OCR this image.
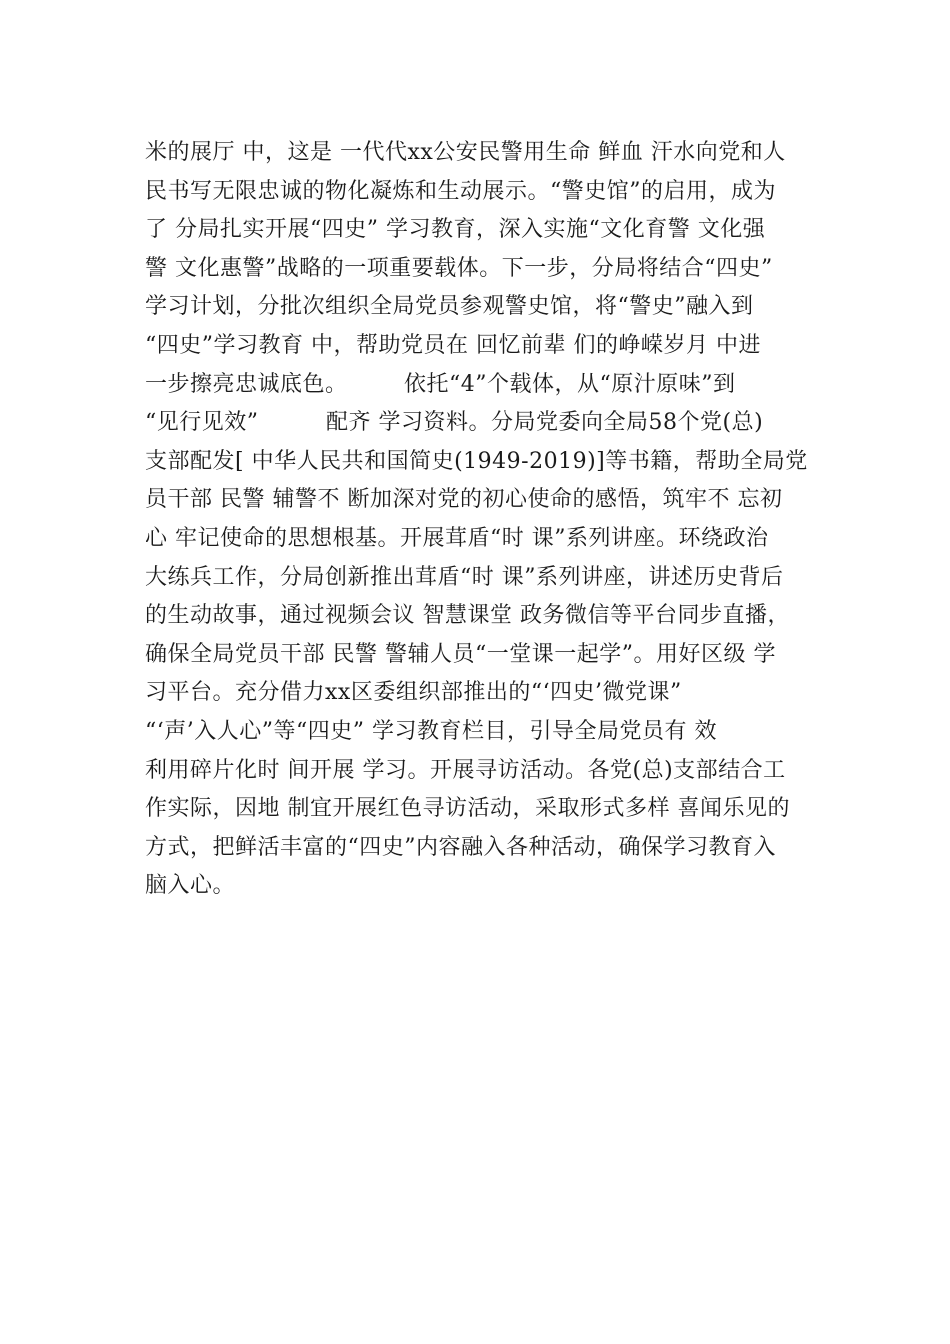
米的展厅 中，这是 一代代xx公安民警用生命 鲜血 汗水向党和人
民书写无限忠诚的物化凝炼和生动展示。“警史馆”的启用，成为
了 分局扎实开展“四史” 学习教育，深入实施“文化育警 文化强
警 文化惠警”战略的一项重要载体。下一步，分局将结合“四史”
学习计划，分批次组织全局党员参观警史馆，将“警史”融入到
“四史”学习教育 中，帮助党员在 回忆前辈 们的峥嵘岁月 中进
一步擦亮忠诚底色。　　　依托“4”个载体，从“原汁原味”到
“见行见效”　　　配齐 学习资料。分局党委向全局58个党(总)
支部配发[ 中华人民共和国简史(1949-2019)]等书籍，帮助全局党
员干部 民警 辅警不 断加深对党的初心使命的感悟，筑牢不 忘初
心 牢记使命的思想根基。开展茸盾“时 课”系列讲座。环绕政治
大练兵工作，分局创新推出茸盾“时 课”系列讲座，讲述历史背后
的生动故事，通过视频会议 智慧课堂 政务微信等平台同步直播，
确保全局党员干部 民警 警辅人员“一堂课一起学”。用好区级 学
习平台。充分借力xx区委组织部推出的“‘四史’微党课”
“‘声’入人心”等“四史” 学习教育栏目，引导全局党员有 效
利用碎片化时 间开展 学习。开展寻访活动。各党(总)支部结合工
作实际，因地 制宜开展红色寻访活动，采取形式多样 喜闻乐见的
方式，把鲜活丰富的“四史”内容融入各种活动，确保学习教育入
脑入心。
